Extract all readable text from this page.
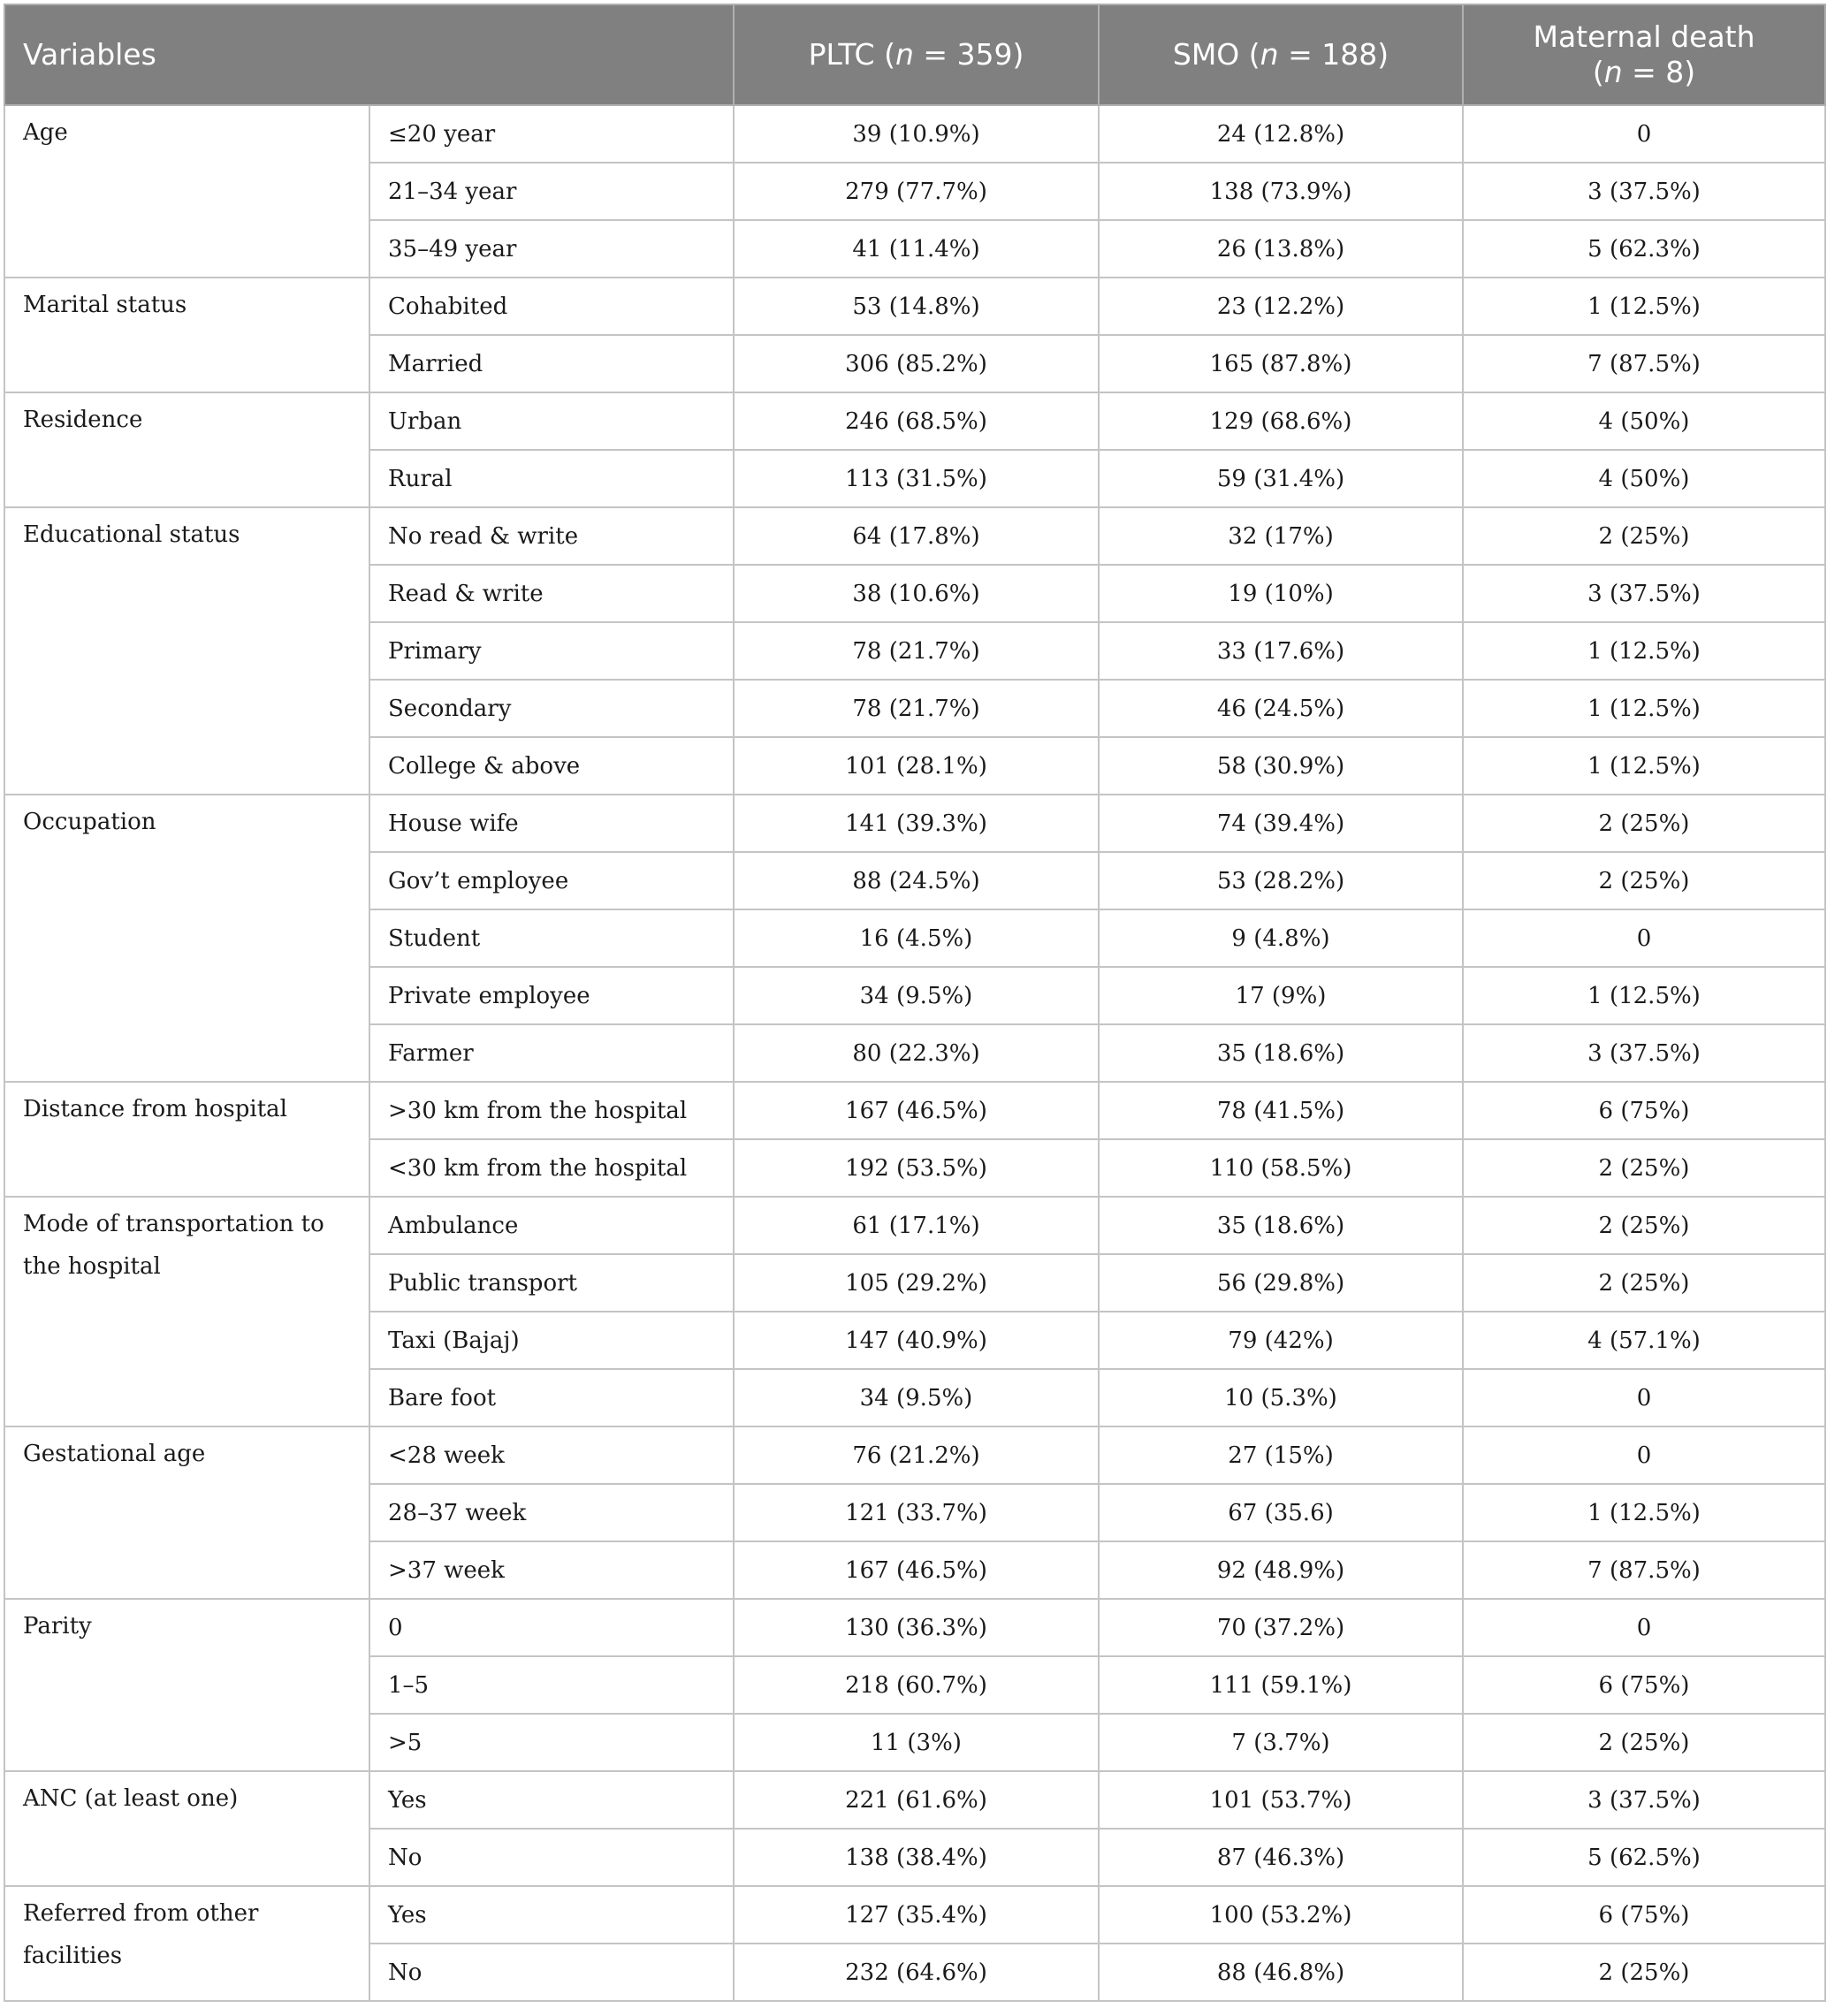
Variables		PLTC (n = 359)	SMO (n = 188)	Maternal death
(n = 8)
Age	≤20 year	39 (10.9%)	24 (12.8%)	0
	21–34 year	279 (77.7%)	138 (73.9%)	3 (37.5%)
	35–49 year	41 (11.4%)	26 (13.8%)	5 (62.3%)
Marital status	Cohabited	53 (14.8%)	23 (12.2%)	1 (12.5%)
	Married	306 (85.2%)	165 (87.8%)	7 (87.5%)
Residence	Urban	246 (68.5%)	129 (68.6%)	4 (50%)
	Rural	113 (31.5%)	59 (31.4%)	4 (50%)
Educational status	No read & write	64 (17.8%)	32 (17%)	2 (25%)
	Read & write	38 (10.6%)	19 (10%)	3 (37.5%)
	Primary	78 (21.7%)	33 (17.6%)	1 (12.5%)
	Secondary	78 (21.7%)	46 (24.5%)	1 (12.5%)
	College & above	101 (28.1%)	58 (30.9%)	1 (12.5%)
Occupation	House wife	141 (39.3%)	74 (39.4%)	2 (25%)
	Gov’t employee	88 (24.5%)	53 (28.2%)	2 (25%)
	Student	16 (4.5%)	9 (4.8%)	0
	Private employee	34 (9.5%)	17 (9%)	1 (12.5%)
	Farmer	80 (22.3%)	35 (18.6%)	3 (37.5%)
Distance from hospital	>30 km from the hospital	167 (46.5%)	78 (41.5%)	6 (75%)
	<30 km from the hospital	192 (53.5%)	110 (58.5%)	2 (25%)
Mode of transportation to the hospital	Ambulance	61 (17.1%)	35 (18.6%)	2 (25%)
	Public transport	105 (29.2%)	56 (29.8%)	2 (25%)
	Taxi (Bajaj)	147 (40.9%)	79 (42%)	4 (57.1%)
	Bare foot	34 (9.5%)	10 (5.3%)	0
Gestational age	<28 week	76 (21.2%)	27 (15%)	0
	28–37 week	121 (33.7%)	67 (35.6)	1 (12.5%)
	>37 week	167 (46.5%)	92 (48.9%)	7 (87.5%)
Parity	0	130 (36.3%)	70 (37.2%)	0
	1–5	218 (60.7%)	111 (59.1%)	6 (75%)
	>5	11 (3%)	7 (3.7%)	2 (25%)
ANC (at least one)	Yes	221 (61.6%)	101 (53.7%)	3 (37.5%)
	No	138 (38.4%)	87 (46.3%)	5 (62.5%)
Referred from other facilities	Yes	127 (35.4%)	100 (53.2%)	6 (75%)
	No	232 (64.6%)	88 (46.8%)	2 (25%)
